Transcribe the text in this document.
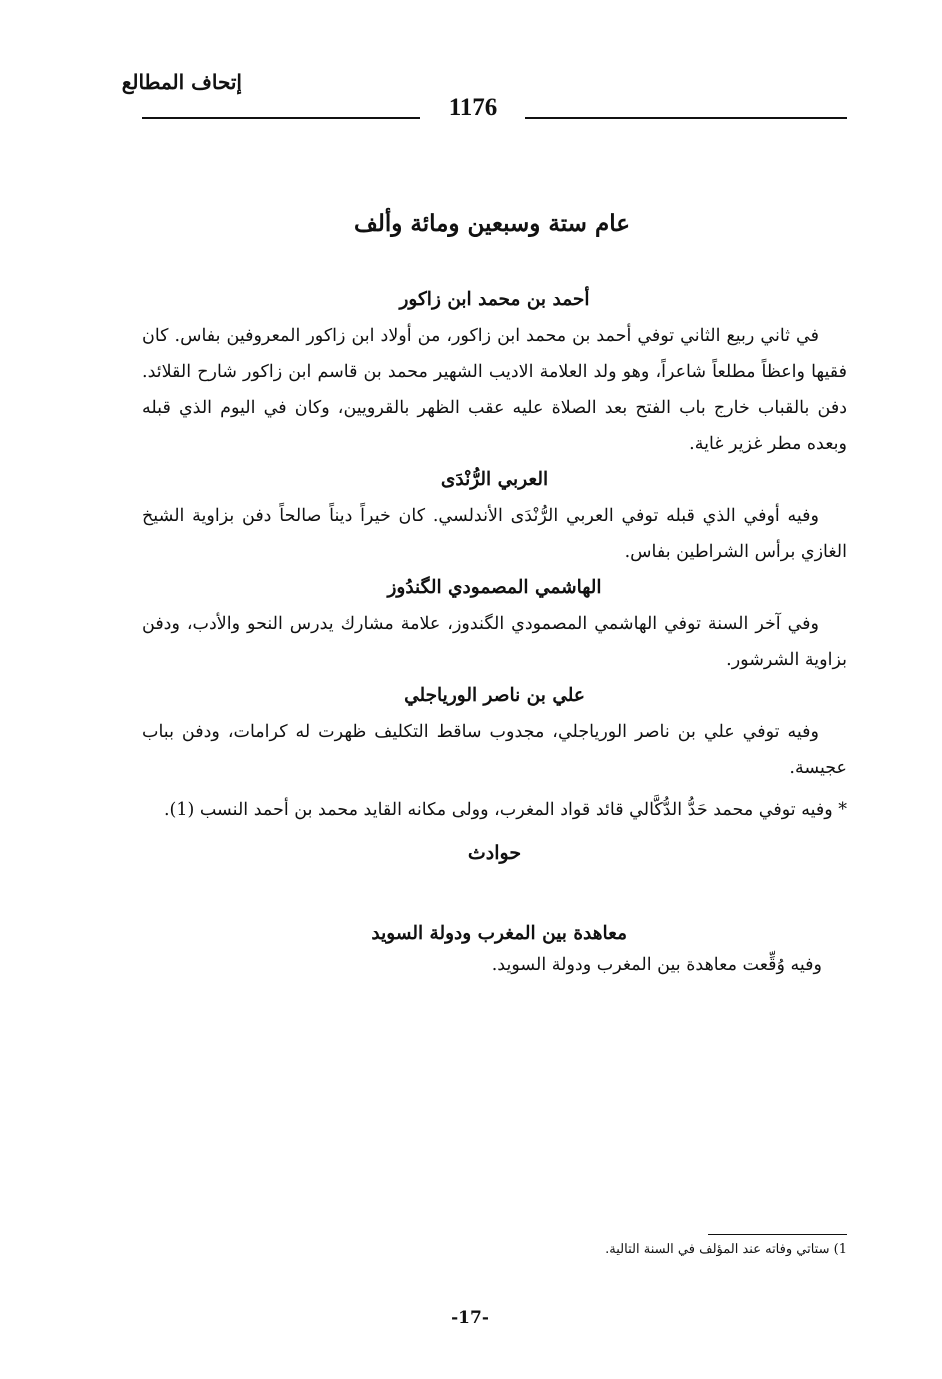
إتحاف المطالع
1176
عام ستة وسبعين ومائة وألف

أحمد بن محمد ابن زاكور

في ثاني ربيع الثاني توفي أحمد بن محمد ابن زاكور، من أولاد ابن زاكور المعروفين بفاس. كان فقيها واعظاً مطلعاً شاعراً، وهو ولد العلامة الاديب الشهير محمد بن قاسم ابن زاكور شارح القلائد. دفن بالقباب خارج باب الفتح بعد الصلاة عليه عقب الظهر بالقرويين، وكان في اليوم الذي قبله وبعده مطر غزير غاية.

العربي الرُّنْدَى

وفيه أوفي الذي قبله توفي العربي الرُّنْدَى الأندلسي. كان خيراً ديناً صالحاً دفن بزاوية الشيخ الغازي برأس الشراطين بفاس.

الهاشمي المصمودي الگندُوز

وفي آخر السنة توفي الهاشمي المصمودي الگندوز، علامة مشارك يدرس النحو والأدب، ودفن بزاوية الشرشور.

علي بن ناصر الورياجلي

وفيه توفي علي بن ناصر الورياجلي، مجدوب ساقط التكليف ظهرت له كرامات، ودفن بباب عجيسة.

* وفيه توفي محمد حَدُّ الدُّكَّالي قائد قواد المغرب، وولى مكانه القايد محمد بن أحمد النسب (1).

حوادث
معاهدة بين المغرب ودولة السويد
وفيه وُقِّعت معاهدة بين المغرب ودولة السويد.
1) ستاتي وفاته عند المؤلف في السنة التالية.
-17-
